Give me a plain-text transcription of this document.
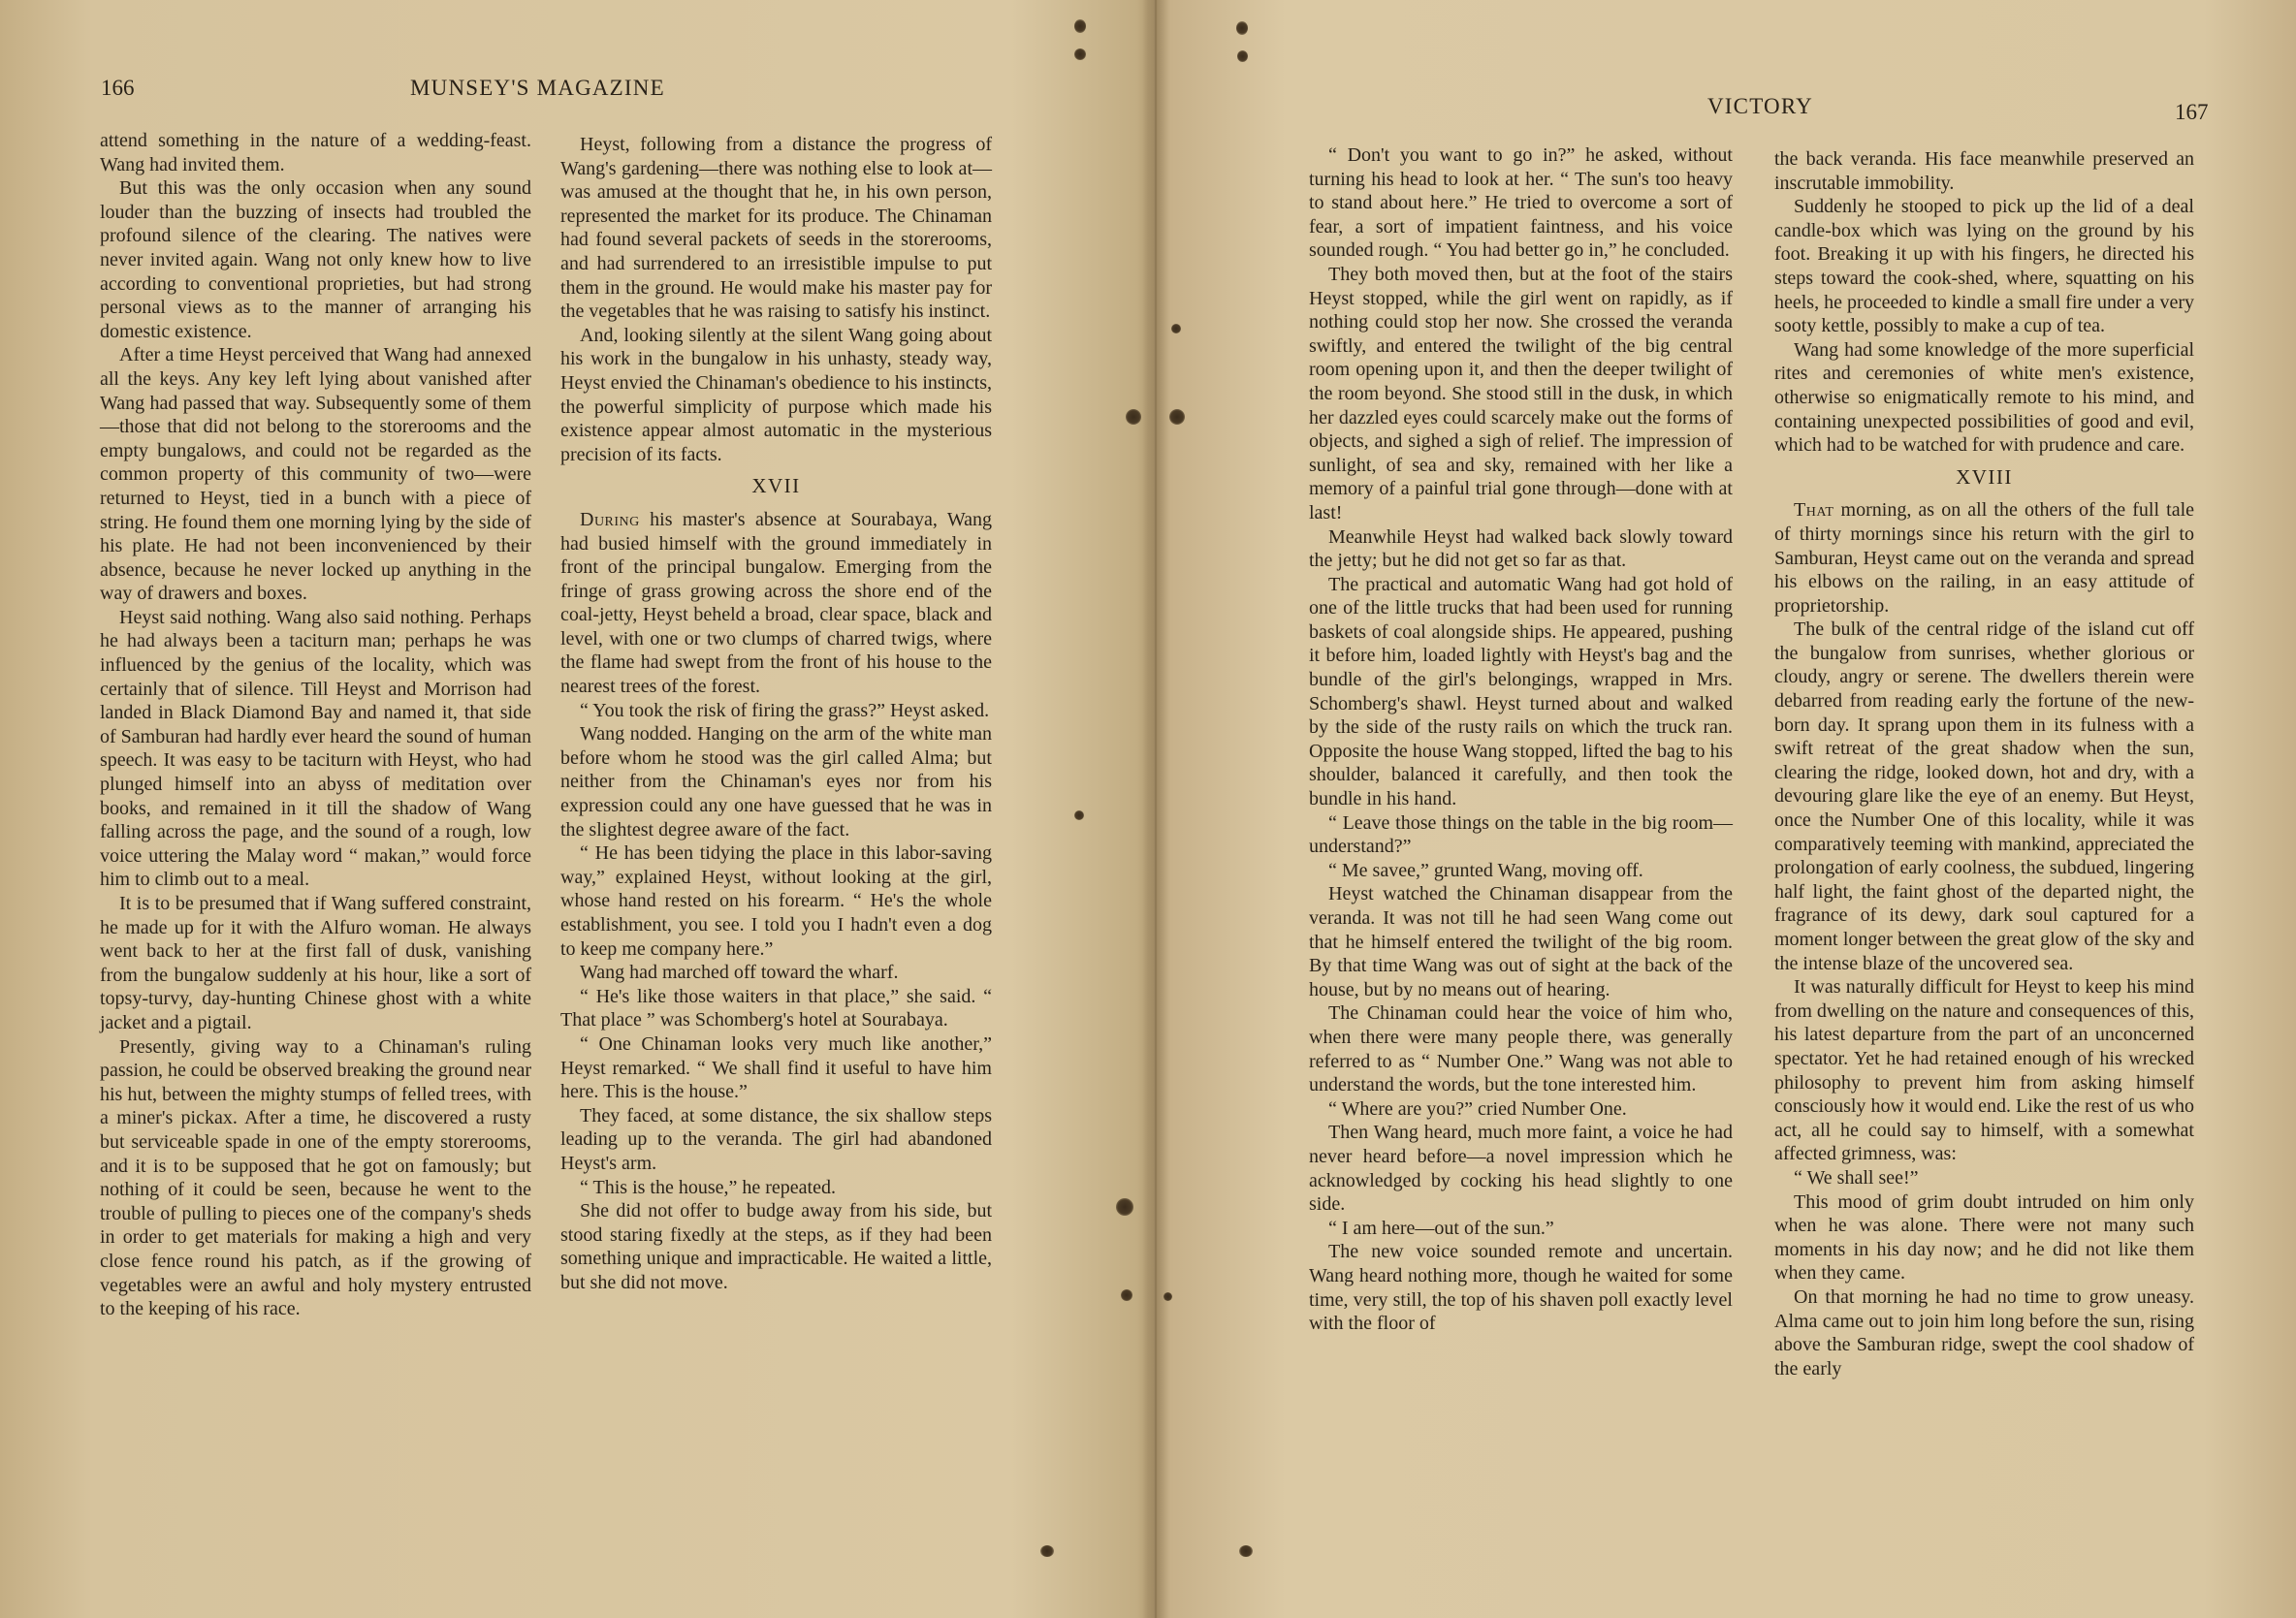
166	MUNSEY'S MAGAZINE

attend something in the nature of a wedding-feast. Wang had invited them.

But this was the only occasion when any sound louder than the buzzing of insects had troubled the profound silence of the clearing. The natives were never invited again. Wang not only knew how to live according to conventional proprieties, but had strong personal views as to the manner of arranging his domestic existence.

After a time Heyst perceived that Wang had annexed all the keys. Any key left lying about vanished after Wang had passed that way. Subsequently some of them—those that did not belong to the storerooms and the empty bungalows, and could not be regarded as the common property of this community of two—were returned to Heyst, tied in a bunch with a piece of string. He found them one morning lying by the side of his plate. He had not been inconvenienced by their absence, because he never locked up anything in the way of drawers and boxes.

Heyst said nothing. Wang also said nothing. Perhaps he had always been a taciturn man; perhaps he was influenced by the genius of the locality, which was certainly that of silence. Till Heyst and Morrison had landed in Black Diamond Bay and named it, that side of Samburan had hardly ever heard the sound of human speech. It was easy to be taciturn with Heyst, who had plunged himself into an abyss of meditation over books, and remained in it till the shadow of Wang falling across the page, and the sound of a rough, low voice uttering the Malay word “ makan,” would force him to climb out to a meal.

It is to be presumed that if Wang suffered constraint, he made up for it with the Alfuro woman. He always went back to her at the first fall of dusk, vanishing from the bungalow suddenly at his hour, like a sort of topsy-turvy, day-hunting Chinese ghost with a white jacket and a pigtail.

Presently, giving way to a Chinaman's ruling passion, he could be observed breaking the ground near his hut, between the mighty stumps of felled trees, with a miner's pickax. After a time, he discovered a rusty but serviceable spade in one of the empty storerooms, and it is to be supposed that he got on famously; but nothing of it could be seen, because he went to the trouble of pulling to pieces one of the company's sheds in order to get materials for making a high and very close fence round his patch, as if the growing of vegetables were an awful and holy mystery entrusted to the keeping of his race.

Heyst, following from a distance the progress of Wang's gardening—there was nothing else to look at—was amused at the thought that he, in his own person, represented the market for its produce. The Chinaman had found several packets of seeds in the storerooms, and had surrendered to an irresistible impulse to put them in the ground. He would make his master pay for the vegetables that he was raising to satisfy his instinct.

And, looking silently at the silent Wang going about his work in the bungalow in his unhasty, steady way, Heyst envied the Chinaman's obedience to his instincts, the powerful simplicity of purpose which made his existence appear almost automatic in the mysterious precision of its facts.

XVII

During his master's absence at Sourabaya, Wang had busied himself with the ground immediately in front of the principal bungalow. Emerging from the fringe of grass growing across the shore end of the coal-jetty, Heyst beheld a broad, clear space, black and level, with one or two clumps of charred twigs, where the flame had swept from the front of his house to the nearest trees of the forest.

“ You took the risk of firing the grass?” Heyst asked.

Wang nodded. Hanging on the arm of the white man before whom he stood was the girl called Alma; but neither from the Chinaman's eyes nor from his expression could any one have guessed that he was in the slightest degree aware of the fact.

“ He has been tidying the place in this labor-saving way,” explained Heyst, without looking at the girl, whose hand rested on his forearm. “ He's the whole establishment, you see. I told you I hadn't even a dog to keep me company here.”

Wang had marched off toward the wharf.

“ He's like those waiters in that place,” she said. “ That place ” was Schomberg's hotel at Sourabaya.

“ One Chinaman looks very much like another,” Heyst remarked. “ We shall find it useful to have him here. This is the house.”

They faced, at some distance, the six shallow steps leading up to the veranda. The girl had abandoned Heyst's arm.

“ This is the house,” he repeated.

She did not offer to budge away from his side, but stood staring fixedly at the steps, as if they had been something unique and impracticable. He waited a little, but she did not move.

VICTORY	167

“ Don't you want to go in?” he asked, without turning his head to look at her. “ The sun's too heavy to stand about here.” He tried to overcome a sort of fear, a sort of impatient faintness, and his voice sounded rough. “ You had better go in,” he concluded.

They both moved then, but at the foot of the stairs Heyst stopped, while the girl went on rapidly, as if nothing could stop her now. She crossed the veranda swiftly, and entered the twilight of the big central room opening upon it, and then the deeper twilight of the room beyond. She stood still in the dusk, in which her dazzled eyes could scarcely make out the forms of objects, and sighed a sigh of relief. The impression of sunlight, of sea and sky, remained with her like a memory of a painful trial gone through—done with at last!

Meanwhile Heyst had walked back slowly toward the jetty; but he did not get so far as that.

The practical and automatic Wang had got hold of one of the little trucks that had been used for running baskets of coal alongside ships. He appeared, pushing it before him, loaded lightly with Heyst's bag and the bundle of the girl's belongings, wrapped in Mrs. Schomberg's shawl. Heyst turned about and walked by the side of the rusty rails on which the truck ran. Opposite the house Wang stopped, lifted the bag to his shoulder, balanced it carefully, and then took the bundle in his hand.

“ Leave those things on the table in the big room—understand?”

“ Me savee,” grunted Wang, moving off.

Heyst watched the Chinaman disappear from the veranda. It was not till he had seen Wang come out that he himself entered the twilight of the big room. By that time Wang was out of sight at the back of the house, but by no means out of hearing.

The Chinaman could hear the voice of him who, when there were many people there, was generally referred to as “ Number One.” Wang was not able to understand the words, but the tone interested him.

“ Where are you?” cried Number One.

Then Wang heard, much more faint, a voice he had never heard before—a novel impression which he acknowledged by cocking his head slightly to one side.

“ I am here—out of the sun.”

The new voice sounded remote and uncertain. Wang heard nothing more, though he waited for some time, very still, the top of his shaven poll exactly level with the floor of

the back veranda. His face meanwhile preserved an inscrutable immobility.

Suddenly he stooped to pick up the lid of a deal candle-box which was lying on the ground by his foot. Breaking it up with his fingers, he directed his steps toward the cook-shed, where, squatting on his heels, he proceeded to kindle a small fire under a very sooty kettle, possibly to make a cup of tea.

Wang had some knowledge of the more superficial rites and ceremonies of white men's existence, otherwise so enigmatically remote to his mind, and containing unexpected possibilities of good and evil, which had to be watched for with prudence and care.

XVIII

That morning, as on all the others of the full tale of thirty mornings since his return with the girl to Samburan, Heyst came out on the veranda and spread his elbows on the railing, in an easy attitude of proprietorship.

The bulk of the central ridge of the island cut off the bungalow from sunrises, whether glorious or cloudy, angry or serene. The dwellers therein were debarred from reading early the fortune of the new-born day. It sprang upon them in its fulness with a swift retreat of the great shadow when the sun, clearing the ridge, looked down, hot and dry, with a devouring glare like the eye of an enemy. But Heyst, once the Number One of this locality, while it was comparatively teeming with mankind, appreciated the prolongation of early coolness, the subdued, lingering half light, the faint ghost of the departed night, the fragrance of its dewy, dark soul captured for a moment longer between the great glow of the sky and the intense blaze of the uncovered sea.

It was naturally difficult for Heyst to keep his mind from dwelling on the nature and consequences of this, his latest departure from the part of an unconcerned spectator. Yet he had retained enough of his wrecked philosophy to prevent him from asking himself consciously how it would end. Like the rest of us who act, all he could say to himself, with a somewhat affected grimness, was:

“ We shall see!”

This mood of grim doubt intruded on him only when he was alone. There were not many such moments in his day now; and he did not like them when they came.

On that morning he had no time to grow uneasy. Alma came out to join him long before the sun, rising above the Samburan ridge, swept the cool shadow of the early
